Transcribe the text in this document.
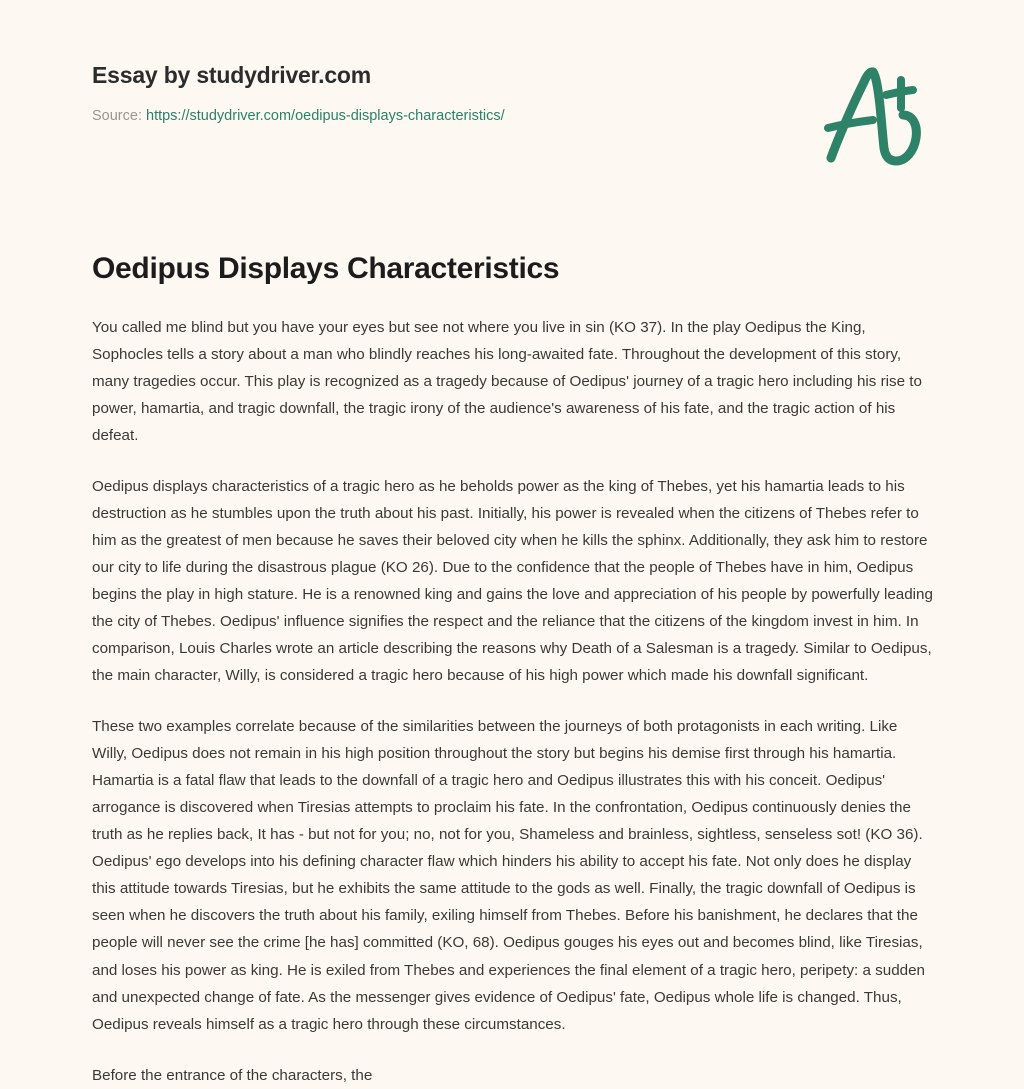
Essay by studydriver.com
Source: https://studydriver.com/oedipus-displays-characteristics/
Oedipus Displays Characteristics

You called me blind but you have your eyes but see not where you live in sin (KO 37). In the play Oedipus the King, Sophocles tells a story about a man who blindly reaches his long-awaited fate. Throughout the development of this story, many tragedies occur. This play is recognized as a tragedy because of Oedipus' journey of a tragic hero including his rise to power, hamartia, and tragic downfall, the tragic irony of the audience's awareness of his fate, and the tragic action of his defeat.

Oedipus displays characteristics of a tragic hero as he beholds power as the king of Thebes, yet his hamartia leads to his destruction as he stumbles upon the truth about his past. Initially, his power is revealed when the citizens of Thebes refer to him as the greatest of men because he saves their beloved city when he kills the sphinx. Additionally, they ask him to restore our city to life during the disastrous plague (KO 26). Due to the confidence that the people of Thebes have in him, Oedipus begins the play in high stature. He is a renowned king and gains the love and appreciation of his people by powerfully leading the city of Thebes. Oedipus' influence signifies the respect and the reliance that the citizens of the kingdom invest in him. In comparison, Louis Charles wrote an article describing the reasons why Death of a Salesman is a tragedy. Similar to Oedipus, the main character, Willy, is considered a tragic hero because of his high power which made his downfall significant.

These two examples correlate because of the similarities between the journeys of both protagonists in each writing. Like Willy, Oedipus does not remain in his high position throughout the story but begins his demise first through his hamartia. Hamartia is a fatal flaw that leads to the downfall of a tragic hero and Oedipus illustrates this with his conceit. Oedipus' arrogance is discovered when Tiresias attempts to proclaim his fate. In the confrontation, Oedipus continuously denies the truth as he replies back, It has - but not for you; no, not for you, Shameless and brainless, sightless, senseless sot! (KO 36). Oedipus' ego develops into his defining character flaw which hinders his ability to accept his fate. Not only does he display this attitude towards Tiresias, but he exhibits the same attitude to the gods as well. Finally, the tragic downfall of Oedipus is seen when he discovers the truth about his family, exiling himself from Thebes. Before his banishment, he declares that the people will never see the crime [he has] committed (KO, 68). Oedipus gouges his eyes out and becomes blind, like Tiresias, and loses his power as king. He is exiled from Thebes and experiences the final element of a tragic hero, peripety: a sudden and unexpected change of fate. As the messenger gives evidence of Oedipus' fate, Oedipus whole life is changed. Thus, Oedipus reveals himself as a tragic hero through these circumstances.

Before the entrance of the characters, the
